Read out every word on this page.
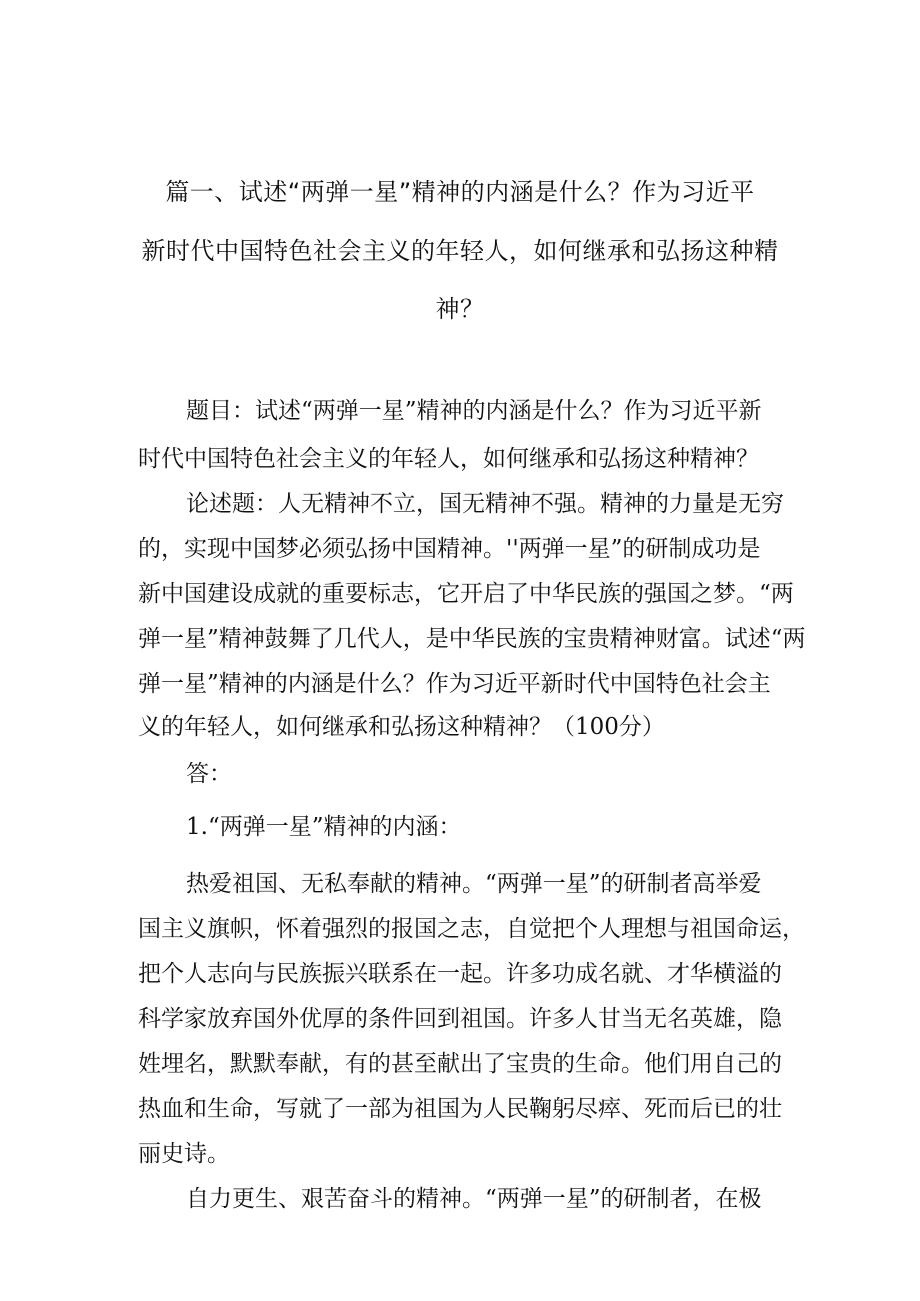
篇一、试述“两弹一星”精神的内涵是什么？作为习近平

新时代中国特色社会主义的年轻人，如何继承和弘扬这种精

神？

题目：试述“两弹一星”精神的内涵是什么？作为习近平新

时代中国特色社会主义的年轻人，如何继承和弘扬这种精神？

论述题：人无精神不立，国无精神不强。精神的力量是无穷

的，实现中国梦必须弘扬中国精神。''两弹一星”的研制成功是

新中国建设成就的重要标志，它开启了中华民族的强国之梦。“两

弹一星”精神鼓舞了几代人，是中华民族的宝贵精神财富。试述“两

弹一星”精神的内涵是什么？作为习近平新时代中国特色社会主

义的年轻人，如何继承和弘扬这种精神？（100分）

答：

1.“两弹一星”精神的内涵：

热爱祖国、无私奉献的精神。“两弹一星”的研制者高举爱

国主义旗帜，怀着强烈的报国之志，自觉把个人理想与祖国命运，

把个人志向与民族振兴联系在一起。许多功成名就、才华横溢的

科学家放弃国外优厚的条件回到祖国。许多人甘当无名英雄，隐

姓埋名，默默奉献，有的甚至献出了宝贵的生命。他们用自己的

热血和生命，写就了一部为祖国为人民鞠躬尽瘁、死而后已的壮

丽史诗。

自力更生、艰苦奋斗的精神。“两弹一星”的研制者，在极
